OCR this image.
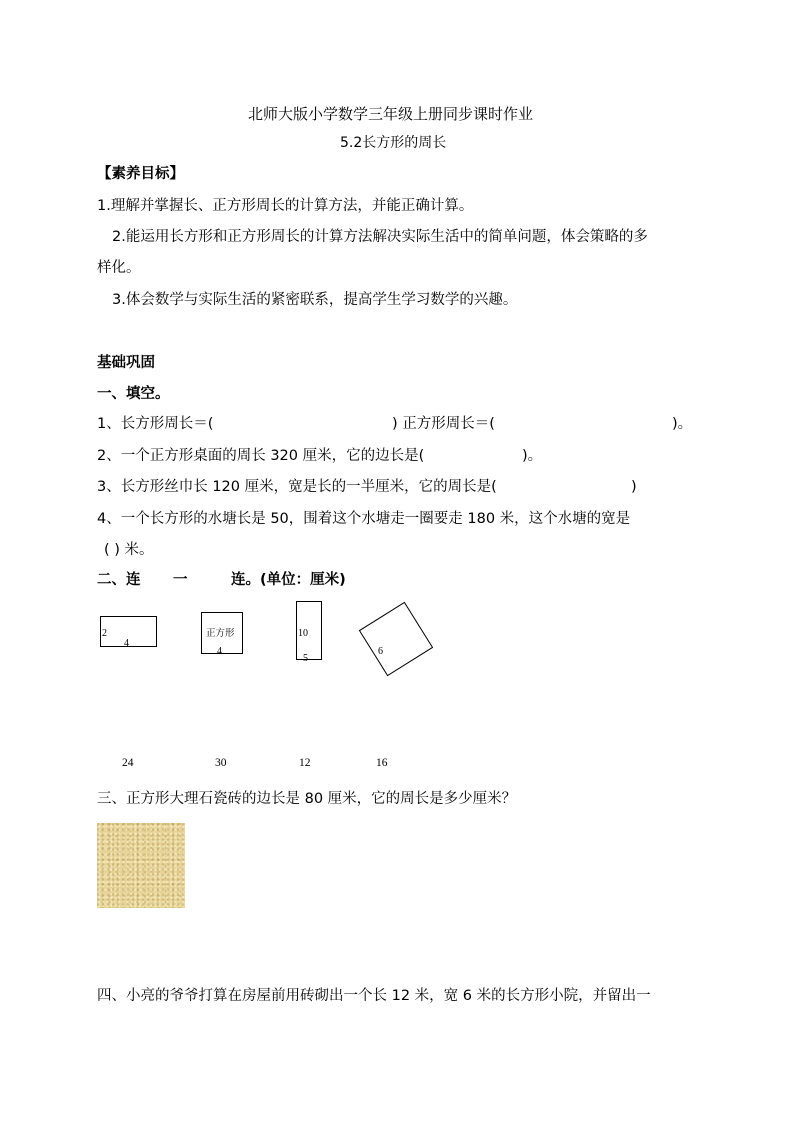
北师大版小学数学三年级上册同步课时作业
5.2长方形的周长
【素养目标】
1.理解并掌握长、正方形周长的计算方法，并能正确计算。
2.能运用长方形和正方形周长的计算方法解决实际生活中的简单问题，体会策略的多
样化。
3.体会数学与实际生活的紧密联系，提高学生学习数学的兴趣。
基础巩固
一、填空。
1、长方形周长＝(	) 正方形周长＝(	)。
2、一个正方形桌面的周长 320 厘米，它的边长是(	)。
3、长方形丝巾长 120 厘米，宽是长的一半厘米，它的周长是(	)
4、一个长方形的水塘长是 50，围着这个水塘走一圈要走 180 米，这个水塘的宽是
( ) 米。
二、连 一	连。(单位：厘米)
2
4
正方形
4
10
5
6
24	30	12	16
三、正方形大理石瓷砖的边长是 80 厘米，它的周长是多少厘米？
四、小亮的爷爷打算在房屋前用砖砌出一个长 12 米，宽 6 米的长方形小院，并留出一
